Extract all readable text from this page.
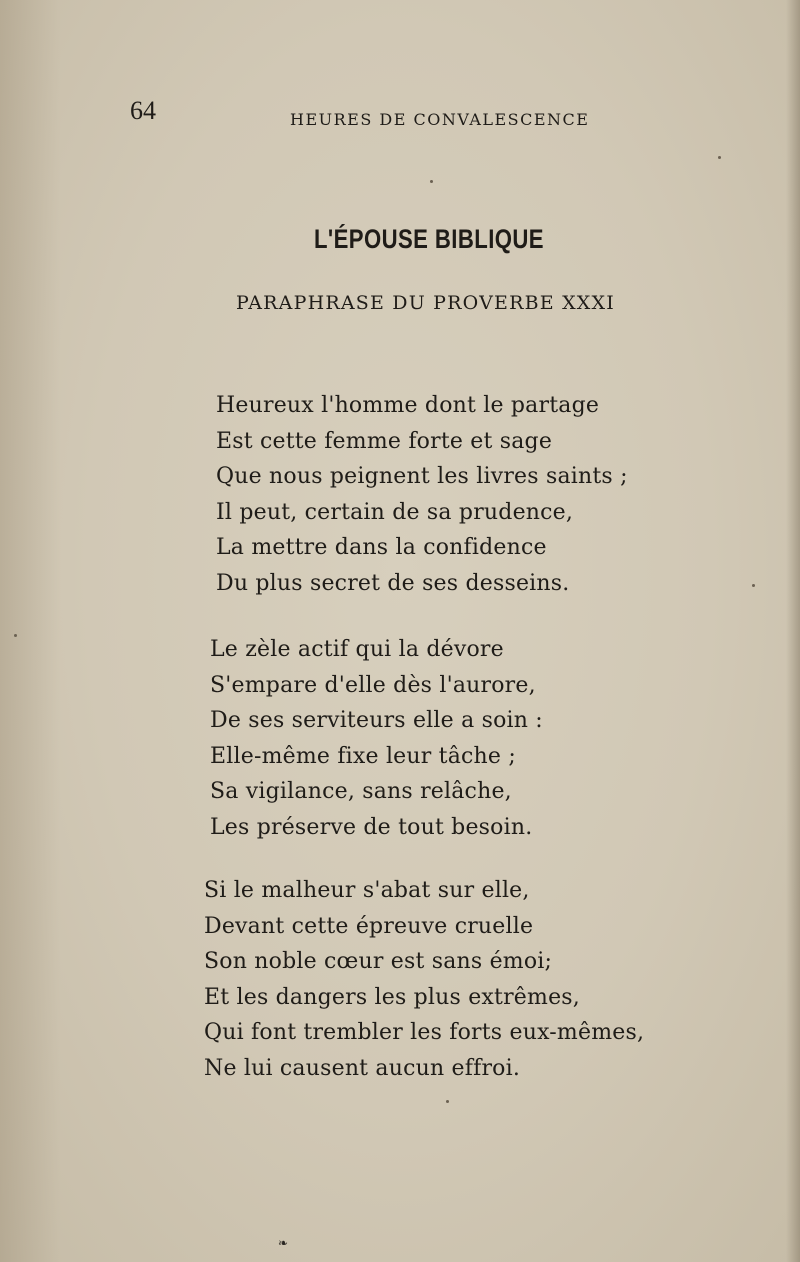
64	HEURES DE CONVALESCENCE
L'ÉPOUSE BIBLIQUE
PARAPHRASE DU PROVERBE XXXI
Heureux l'homme dont le partage
Est cette femme forte et sage
Que nous peignent les livres saints ;
Il peut, certain de sa prudence,
La mettre dans la confidence
Du plus secret de ses desseins.
Le zèle actif qui la dévore
S'empare d'elle dès l'aurore,
De ses serviteurs elle a soin :
Elle-même fixe leur tâche ;
Sa vigilance, sans relâche,
Les préserve de tout besoin.
Si le malheur s'abat sur elle,
Devant cette épreuve cruelle
Son noble cœur est sans émoi;
Et les dangers les plus extrêmes,
Qui font trembler les forts eux-mêmes,
Ne lui causent aucun effroi.
❧
